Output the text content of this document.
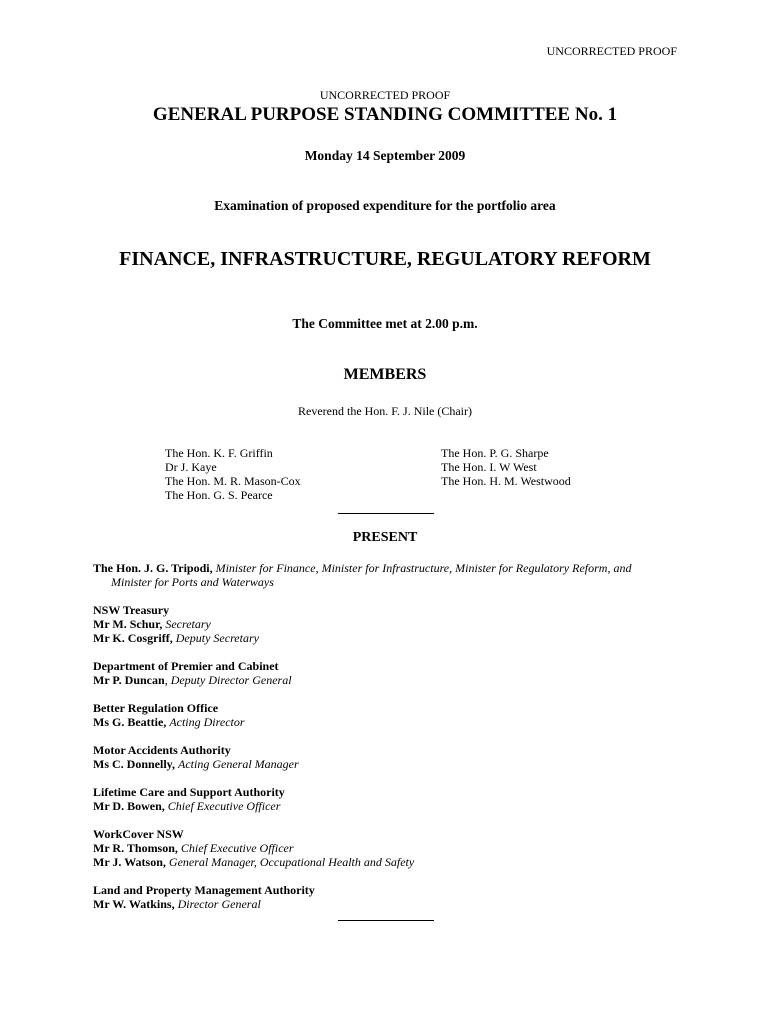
UNCORRECTED PROOF
UNCORRECTED PROOF
GENERAL PURPOSE STANDING COMMITTEE No. 1
Monday 14 September 2009
Examination of proposed expenditure for the portfolio area
FINANCE, INFRASTRUCTURE, REGULATORY REFORM
The Committee met at 2.00 p.m.
MEMBERS
Reverend the Hon. F. J. Nile (Chair)
The Hon. K. F. Griffin
Dr J. Kaye
The Hon. M. R. Mason-Cox
The Hon. G. S. Pearce
The Hon. P. G. Sharpe
The Hon. I. W West
The Hon. H. M. Westwood
PRESENT
The Hon. J. G. Tripodi, Minister for Finance, Minister for Infrastructure, Minister for Regulatory Reform, and
Minister for Ports and Waterways
NSW Treasury
Mr M. Schur, Secretary
Mr K. Cosgriff, Deputy Secretary
Department of Premier and Cabinet
Mr P. Duncan, Deputy Director General
Better Regulation Office
Ms G. Beattie, Acting Director
Motor Accidents Authority
Ms C. Donnelly, Acting General Manager
Lifetime Care and Support Authority
Mr D. Bowen, Chief Executive Officer
WorkCover NSW
Mr R. Thomson, Chief Executive Officer
Mr J. Watson, General Manager, Occupational Health and Safety
Land and Property Management Authority
Mr W. Watkins, Director General
